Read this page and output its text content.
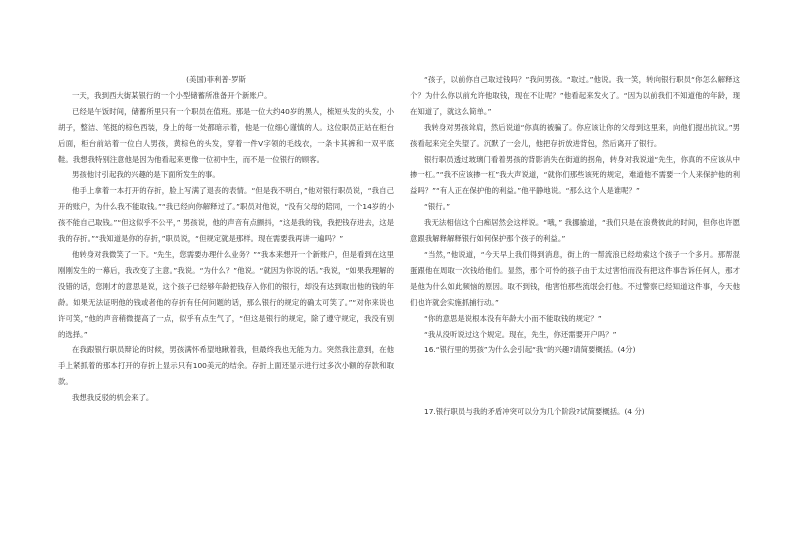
(美国)菲利普·罗斯

一天，我到西大街某银行的一个小型储蓄所准备开个新账户。

已经是午饭时间，储蓄所里只有一个职员在值班。那是一位大约40岁的黑人，梳短头发的头发，小胡子，整洁、笔挺的棕色西装，身上的每一处都暗示着，他是一位细心谨慎的人。这位职员正站在柜台后面，柜台前站着一位白人男孩，黄棕色的头发，穿着一件V字领的毛线衣，一条卡其裤和一双平底鞋。我想我特别注意他是因为他看起来更像一位初中生，而不是一位银行的顾客。

男孩他讨引起我的兴趣的是下面所发生的事。

他手上拿着一本打开的存折，脸上写满了退丧的表情。“但是我不明白，”他对银行职员说，“我自己开的账户，为什么我不能取钱。”“我已经向你解释过了。”职员对他说，“没有父母的陪同，一个14岁的小孩不能自己取钱。”“但这似乎不公平，” 男孩说，他的声音有点颤抖，“这是我的钱，我把钱存进去，这是我的存折。”“我知道是你的存折，”职员说，“但规定就是那样。现在需要我再讲一遍吗？”

他转身对我微笑了一下。“先生，您需要办理什么业务？”“我本来想开一个新账户，但是看到在这里刚刚发生的一幕后，我改变了主意。”我说。“为什么？”他说。“就因为你说的话。”我说，“如果我理解的没错的话，您刚才的意思是说，这个孩子已经够年龄把钱存入你们的银行，却没有达到取出他的钱的年龄。如果无法证明他的钱或者他的存折有任何问题的话，那么银行的规定的确太可笑了。”“对你来说也许可笑，”他的声音稍微提高了一点，似乎有点生气了，“但这是银行的规定，除了遵守规定，我没有别的选择。”

在我跟银行职员辩论的时候，男孩满怀希望地瞅着我，但最终我也无能为力。突然我注意到，在他手上紧抓着的那本打开的存折上显示只有100美元的结余。存折上面还显示进行过多次小额的存款和取款。

我想我反驳的机会来了。

“孩子，以前你自己取过钱吗？”我问男孩。“取过。”他说。我一笑，转向银行职员“你怎么解释这个？为什么你以前允许他取钱，现在不让呢？”他看起来发火了。“因为以前我们不知道他的年龄，现在知道了，就这么简单。”

我转身对男孩耸肩，然后说道“你真的被骗了。你应该让你的父母到这里来，向他们提出抗议。”男孩看起来完全失望了。沉默了一会儿，他把存折放进背包，然后离开了银行。

银行职员透过玻璃门看着男孩的背影消失在街道的拐角，转身对我说道“先生，你真的不应该从中掺一杠。”“我不应该掺一杠”我大声说道，“就你们那些该死的规定，难道他不需要一个人来保护他的利益吗？”“有人正在保护他的利益。”他平静地说。“那么这个人是谁呢？”

“银行。”

我无法相信这个白痴居然会这样说。“哦，” 我挪揄道，“我们只是在浪费彼此的时间，但你也许愿意跟我解释解释银行如何保护那个孩子的利益。”

“当然，”他说道，“今天早上我们得到消息，街上的一帮流浪已经劫索这个孩子一个多月。那帮混蛋跟他在周取一次钱给他们。显然，那个可怜的孩子由于太过害怕而没有把这件事告诉任何人，那才是他为什么如此频恼的原因。取不到钱，他害怕那些流氓会打他。不过警察已经知道这件事，今天他们也许就会实施抓捕行动。”

“你的意思是说根本没有年龄大小而不能取钱的规定？”

“我从没听说过这个规定。现在，先生，你还需要开户吗？”

16.“银行里的男孩”为什么会引起“我”的兴趣?请简要概括。(4分)

17.银行职员与我的矛盾冲突可以分为几个阶段?试简要概括。(4 分)
